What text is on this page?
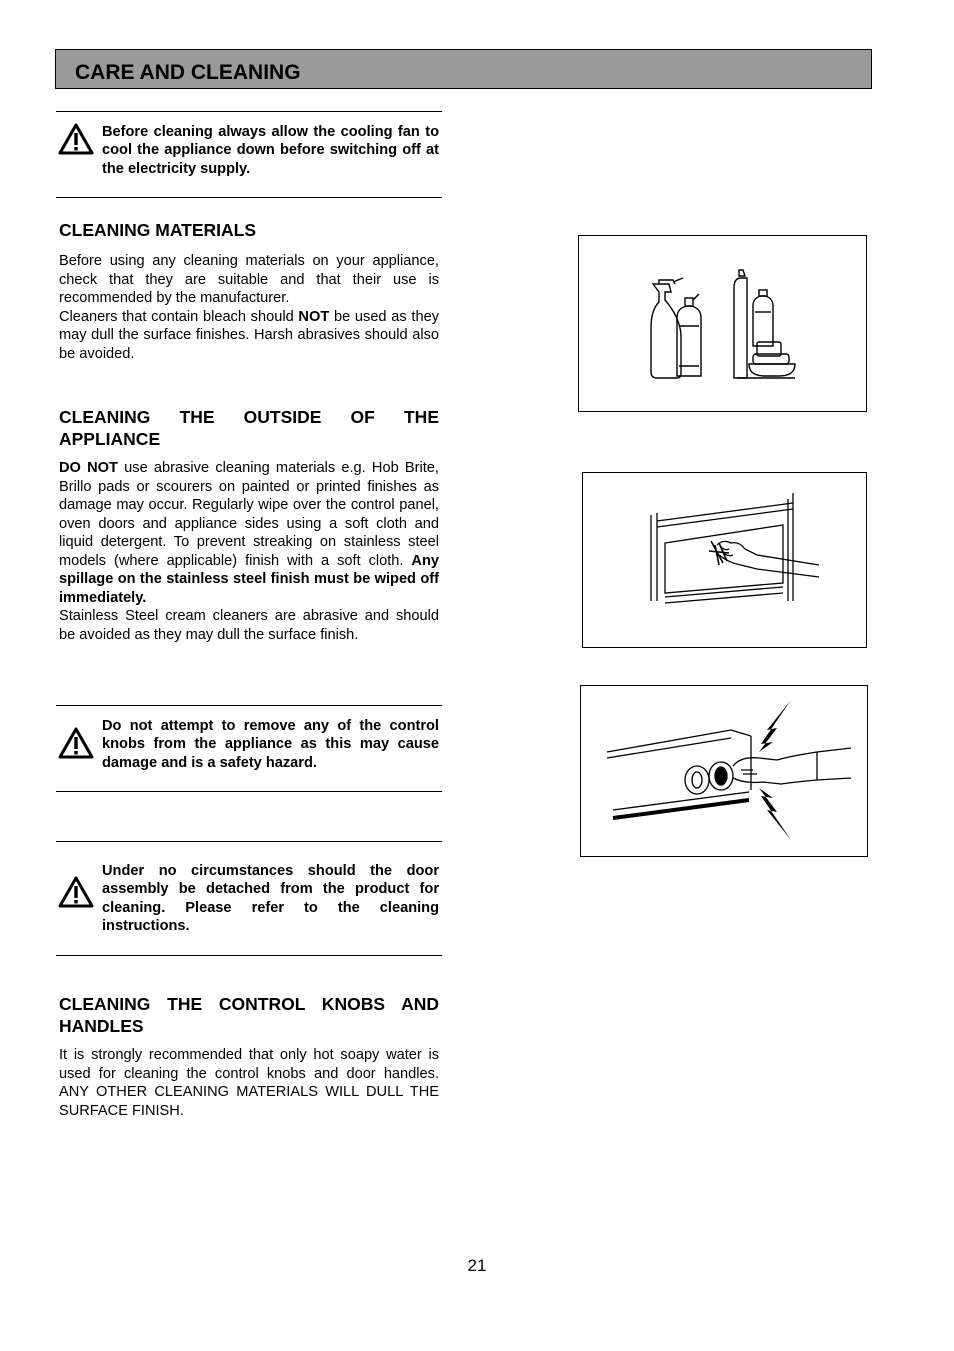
CARE AND CLEANING
Before cleaning always allow the cooling fan to cool the appliance down before switching off at the electricity supply.
CLEANING MATERIALS

Before using any cleaning materials on your appliance, check that they are suitable and that their use is recommended by the manufacturer.

Cleaners that contain bleach should NOT be used as they may dull the surface finishes. Harsh abrasives should also be avoided.

CLEANING THE OUTSIDE OF THE
APPLIANCE

DO NOT use abrasive cleaning materials e.g. Hob Brite, Brillo pads or scourers on painted or printed finishes as damage may occur. Regularly wipe over the control panel, oven doors and appliance sides using a soft cloth and liquid detergent. To prevent streaking on stainless steel models (where applicable) finish with a soft cloth. Any spillage on the stainless steel finish must be wiped off immediately.

Stainless Steel cream cleaners are abrasive and should be avoided as they may dull the surface finish.

Do not attempt to remove any of the control knobs from the appliance as this may cause damage and is a safety hazard.
Under no circumstances should the door assembly be detached from the product for cleaning. Please refer to the cleaning instructions.
CLEANING THE CONTROL KNOBS AND
HANDLES

It is strongly recommended that only hot soapy water is used for cleaning the control knobs and door handles. ANY OTHER CLEANING MATERIALS WILL DULL THE SURFACE FINISH.

21
